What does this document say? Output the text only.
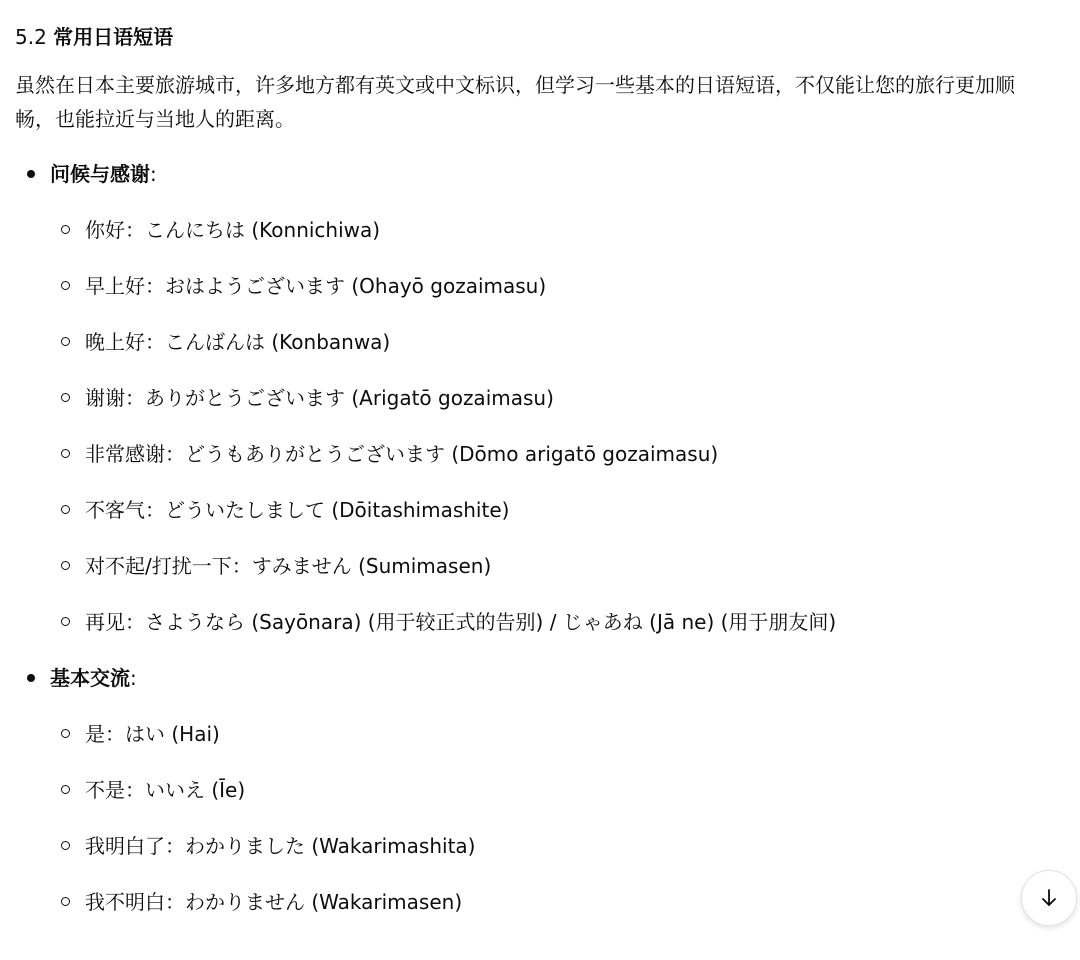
5.2 常用日语短语

虽然在日本主要旅游城市，许多地方都有英文或中文标识，但学习一些基本的日语短语，不仅能让您的旅行更加顺畅，也能拉近与当地人的距离。

问候与感谢:
你好：こんにちは (Konnichiwa)
早上好：おはようございます (Ohayō gozaimasu)
晚上好：こんばんは (Konbanwa)
谢谢：ありがとうございます (Arigatō gozaimasu)
非常感谢：どうもありがとうございます (Dōmo arigatō gozaimasu)
不客气：どういたしまして (Dōitashimashite)
对不起/打扰一下：すみません (Sumimasen)
再见：さようなら (Sayōnara) (用于较正式的告别) / じゃあね (Jā ne) (用于朋友间)
基本交流:
是：はい (Hai)
不是：いいえ (Īe)
我明白了：わかりました (Wakarimashita)
我不明白：わかりません (Wakarimasen)
